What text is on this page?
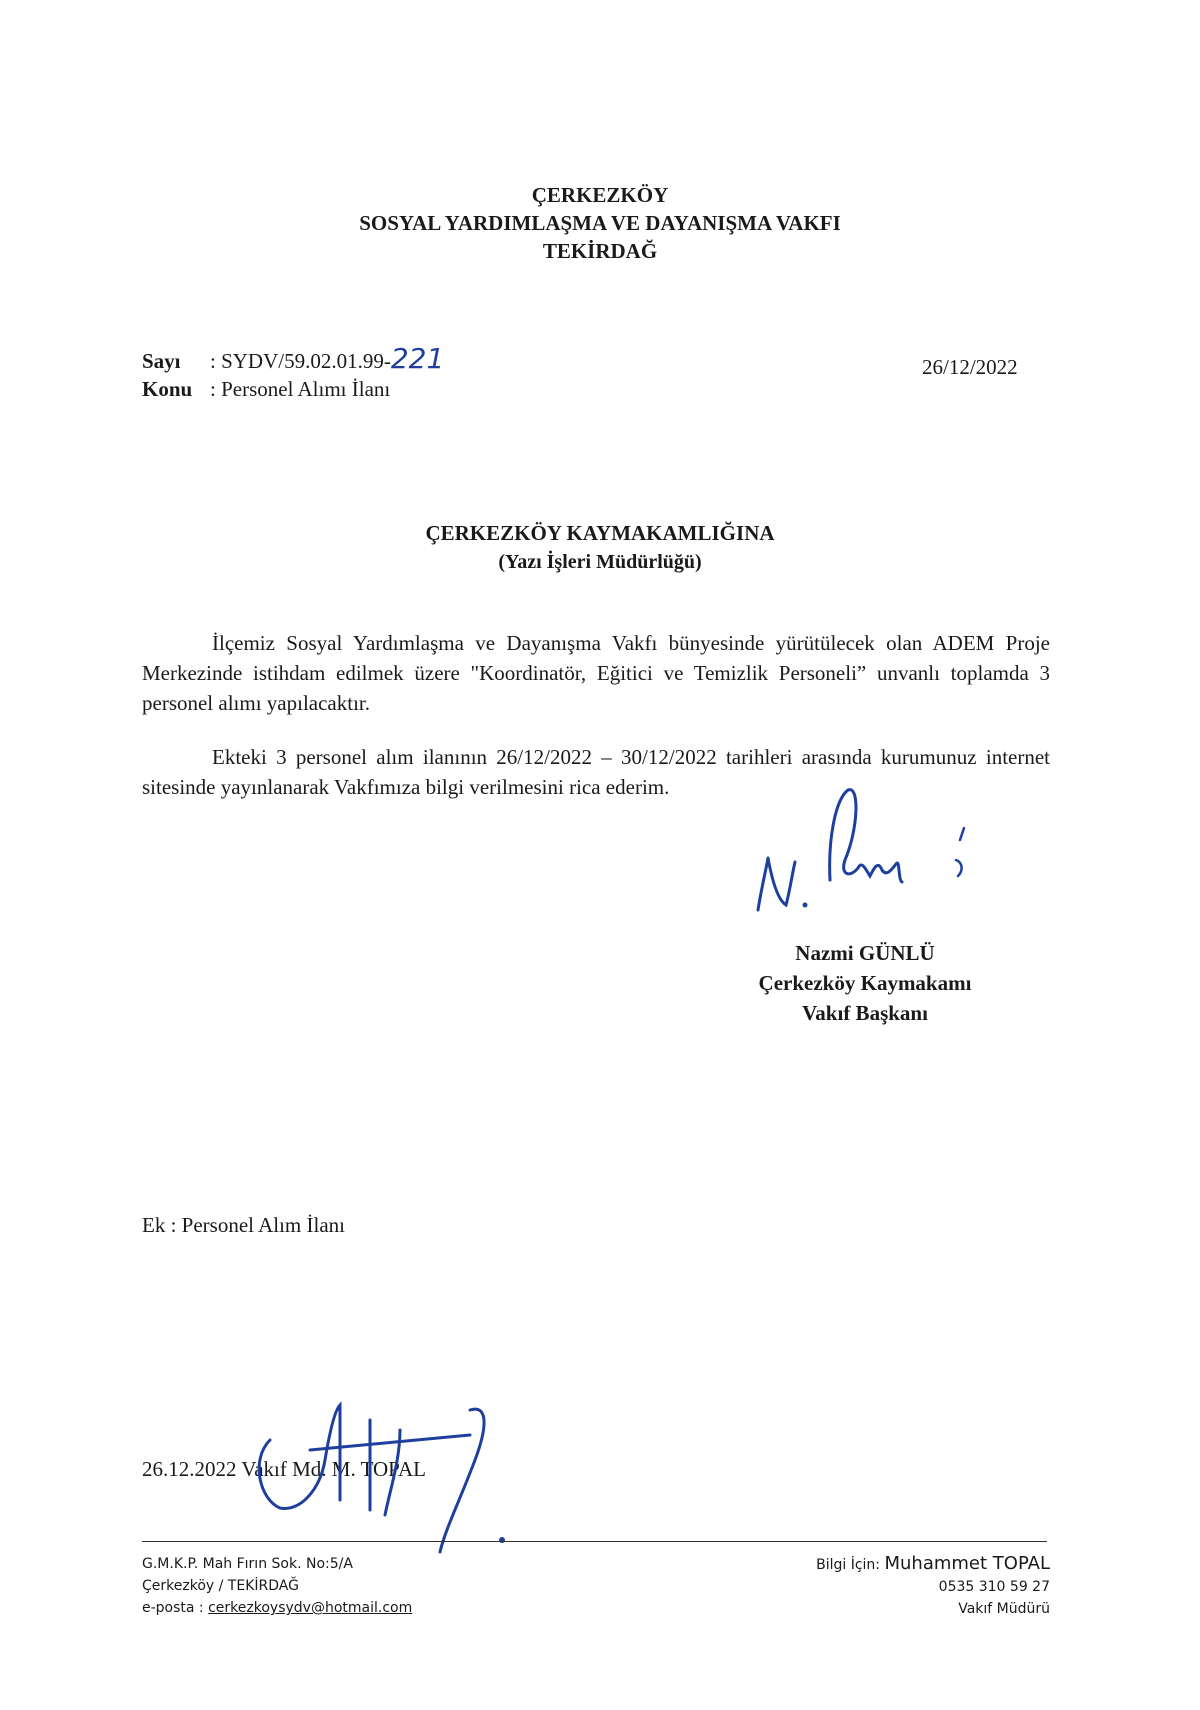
ÇERKEZKÖY
SOSYAL YARDIMLAŞMA VE DAYANIŞMA VAKFI
TEKİRDAĞ
Sayı : SYDV/59.02.01.99-221
Konu : Personel Alımı İlanı
26/12/2022
ÇERKEZKÖY KAYMAKAMLIĞINA
(Yazı İşleri Müdürlüğü)
İlçemiz Sosyal Yardımlaşma ve Dayanışma Vakfı bünyesinde yürütülecek olan ADEM Proje Merkezinde istihdam edilmek üzere "Koordinatör, Eğitici ve Temizlik Personeli” unvanlı toplamda 3 personel alımı yapılacaktır.
Ekteki 3 personel alım ilanının 26/12/2022 – 30/12/2022 tarihleri arasında kurumunuz internet sitesinde yayınlanarak Vakfımıza bilgi verilmesini rica ederim.
Nazmi GÜNLÜ
Çerkezköy Kaymakamı
Vakıf Başkanı
Ek : Personel Alım İlanı
26.12.2022 Vakıf Md. M. TOPAL
G.M.K.P. Mah Fırın Sok. No:5/A
Çerkezköy / TEKİRDAĞ
e-posta : cerkezkoysydv@hotmail.com
Bilgi İçin: Muhammet TOPAL
0535 310 59 27
Vakıf Müdürü
